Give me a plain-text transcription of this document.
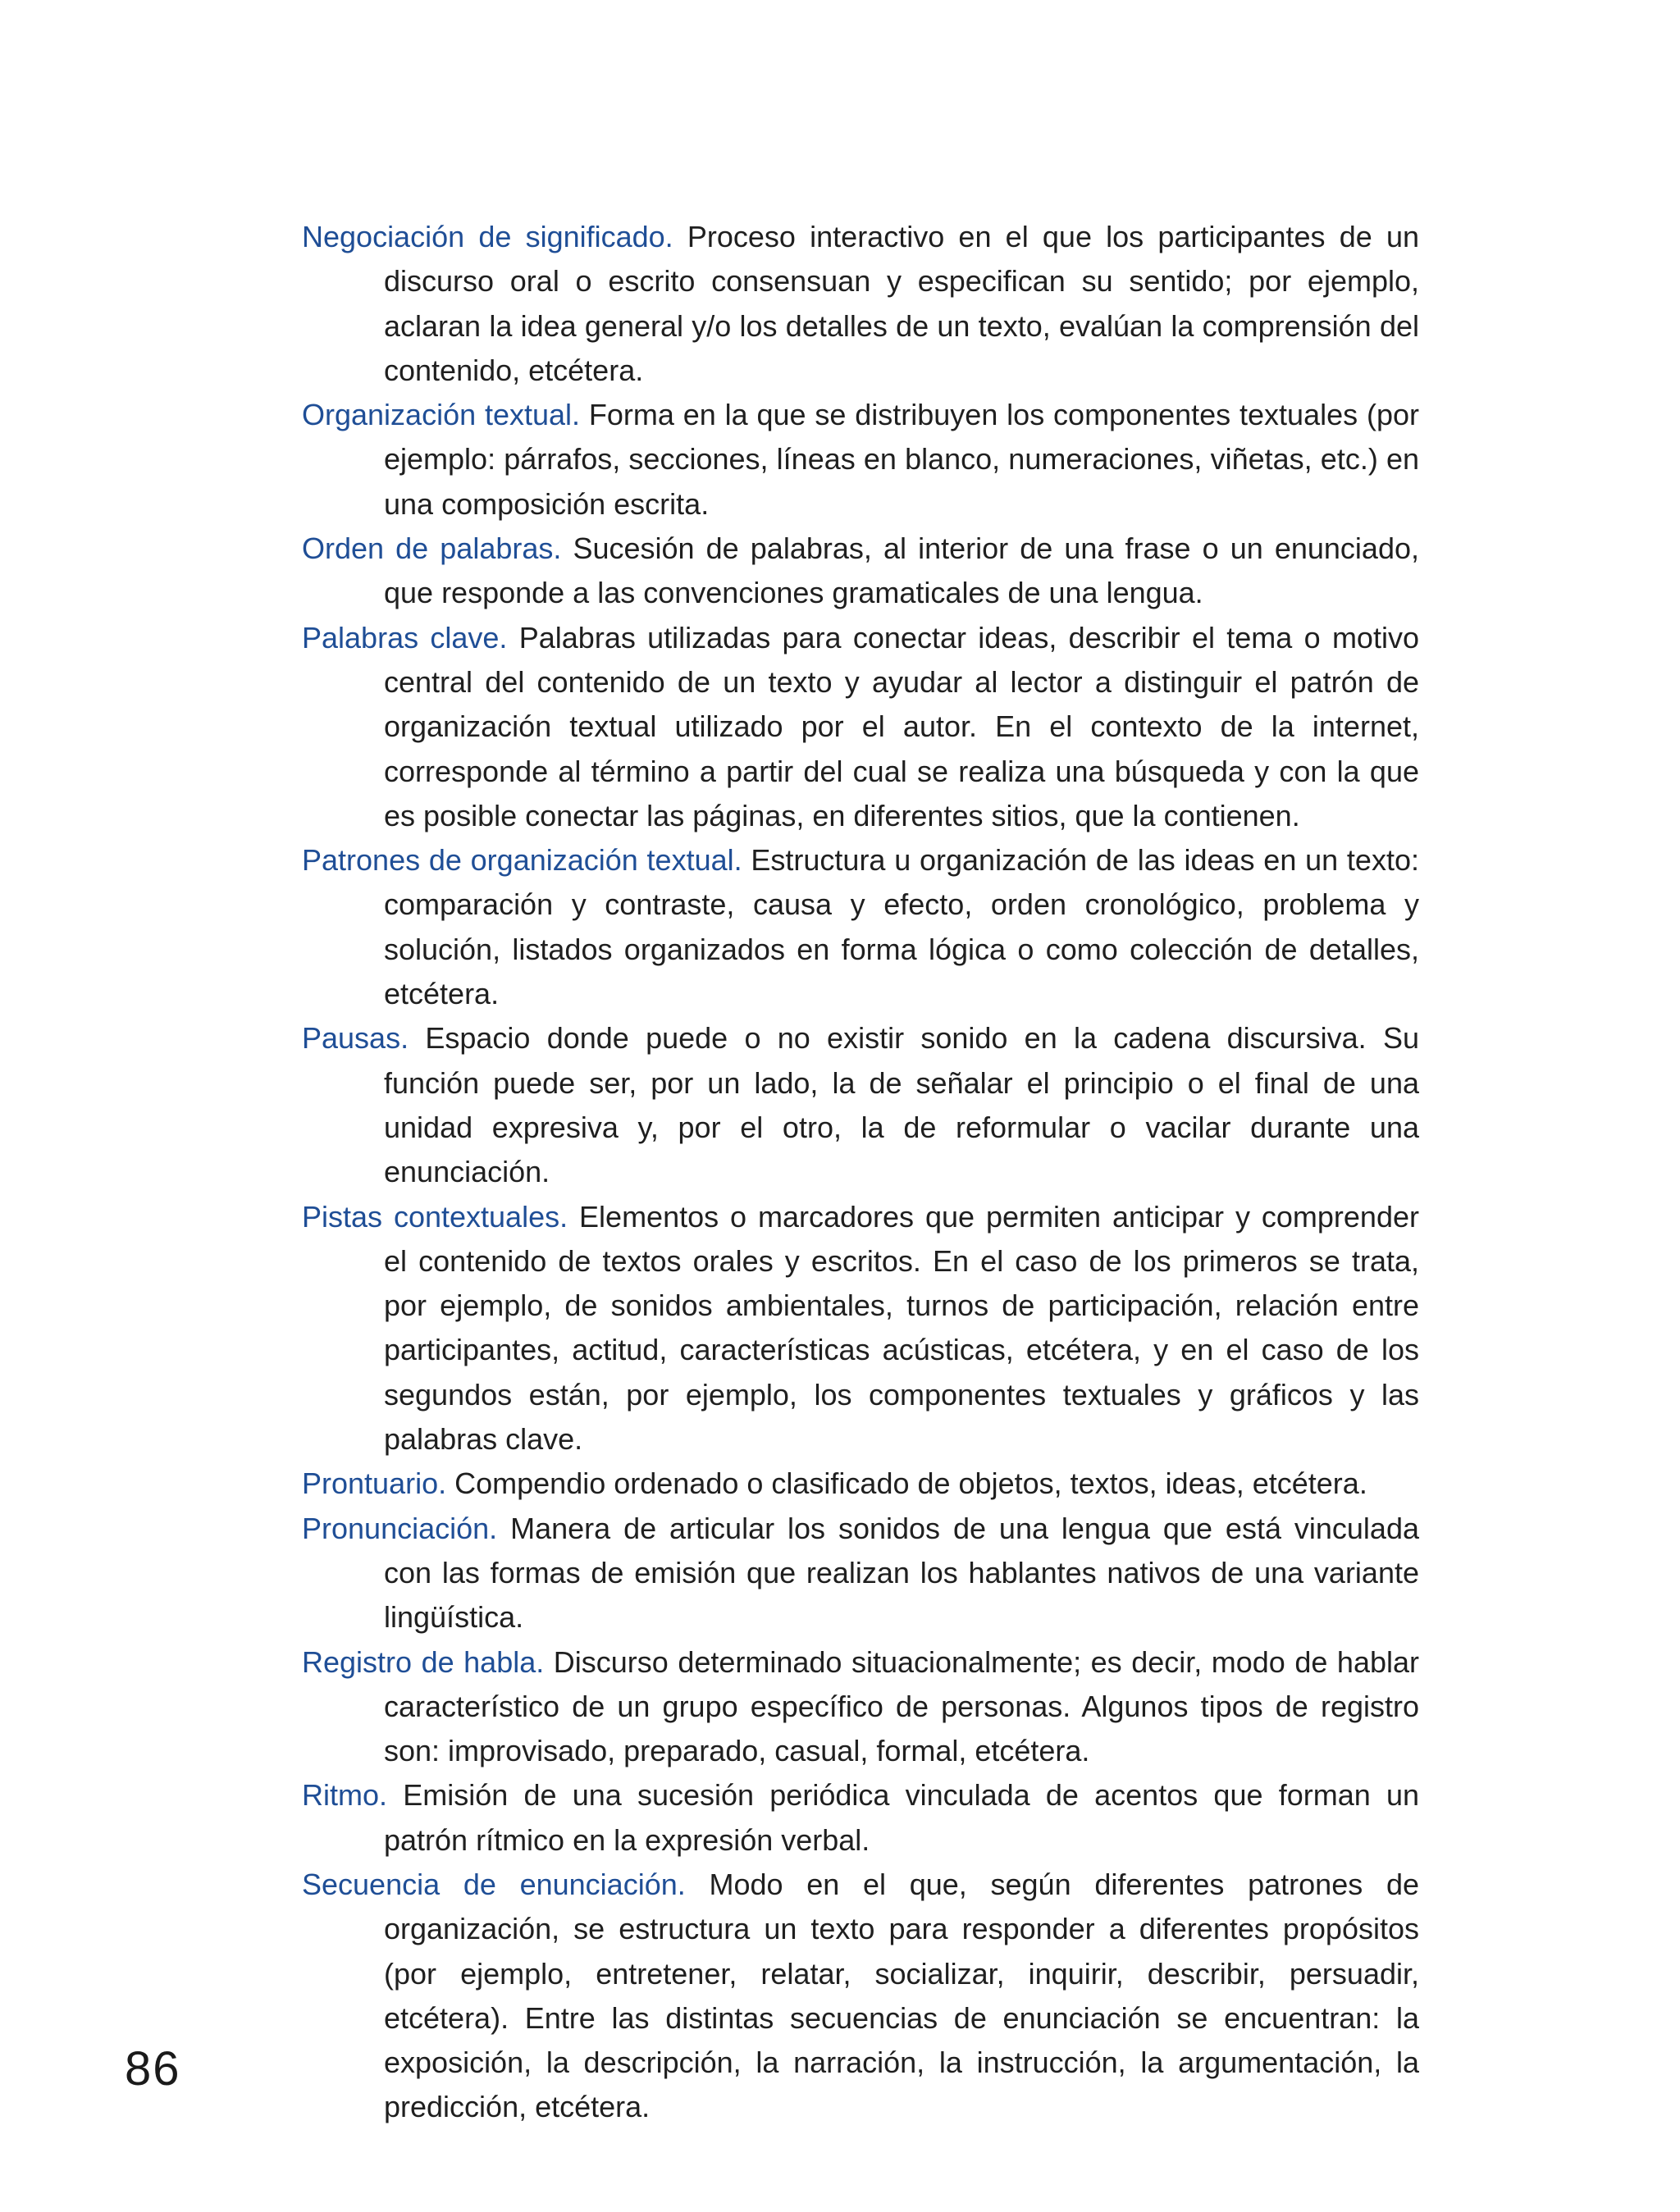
Negociación de significado. Proceso interactivo en el que los participantes de un discurso oral o escrito consensuan y especifican su sentido; por ejemplo, aclaran la idea general y/o los detalles de un texto, evalúan la comprensión del contenido, etcétera.

Organización textual. Forma en la que se distribuyen los componentes textuales (por ejemplo: párrafos, secciones, líneas en blanco, numeraciones, viñetas, etc.) en una composición escrita.

Orden de palabras. Sucesión de palabras, al interior de una frase o un enunciado, que responde a las convenciones gramaticales de una lengua.

Palabras clave. Palabras utilizadas para conectar ideas, describir el tema o motivo central del contenido de un texto y ayudar al lector a distinguir el patrón de organización textual utilizado por el autor. En el contexto de la internet, corresponde al término a partir del cual se realiza una búsqueda y con la que es posible conectar las páginas, en diferentes sitios, que la contienen.

Patrones de organización textual. Estructura u organización de las ideas en un texto: comparación y contraste, causa y efecto, orden cronológico, problema y solución, listados organizados en forma lógica o como colección de detalles, etcétera.

Pausas. Espacio donde puede o no existir sonido en la cadena discursiva. Su función puede ser, por un lado, la de señalar el principio o el final de una unidad expresiva y, por el otro, la de reformular o vacilar durante una enunciación.

Pistas contextuales. Elementos o marcadores que permiten anticipar y comprender el contenido de textos orales y escritos. En el caso de los primeros se trata, por ejemplo, de sonidos ambientales, turnos de participación, relación entre participantes, actitud, características acústicas, etcétera, y en el caso de los segundos están, por ejemplo, los componentes textuales y gráficos y las palabras clave.

Prontuario. Compendio ordenado o clasificado de objetos, textos, ideas, etcétera.

Pronunciación. Manera de articular los sonidos de una lengua que está vinculada con las formas de emisión que realizan los hablantes nativos de una variante lingüística.

Registro de habla. Discurso determinado situacionalmente; es decir, modo de hablar característico de un grupo específico de personas. Algunos tipos de registro son: improvisado, preparado, casual, formal, etcétera.

Ritmo. Emisión de una sucesión periódica vinculada de acentos que forman un patrón rítmico en la expresión verbal.

Secuencia de enunciación. Modo en el que, según diferentes patrones de organización, se estructura un texto para responder a diferentes propósitos (por ejemplo, entretener, relatar, socializar, inquirir, describir, persuadir, etcétera). Entre las distintas secuencias de enunciación se encuentran: la exposición, la descripción, la narración, la instrucción, la argumentación, la predicción, etcétera.

86
